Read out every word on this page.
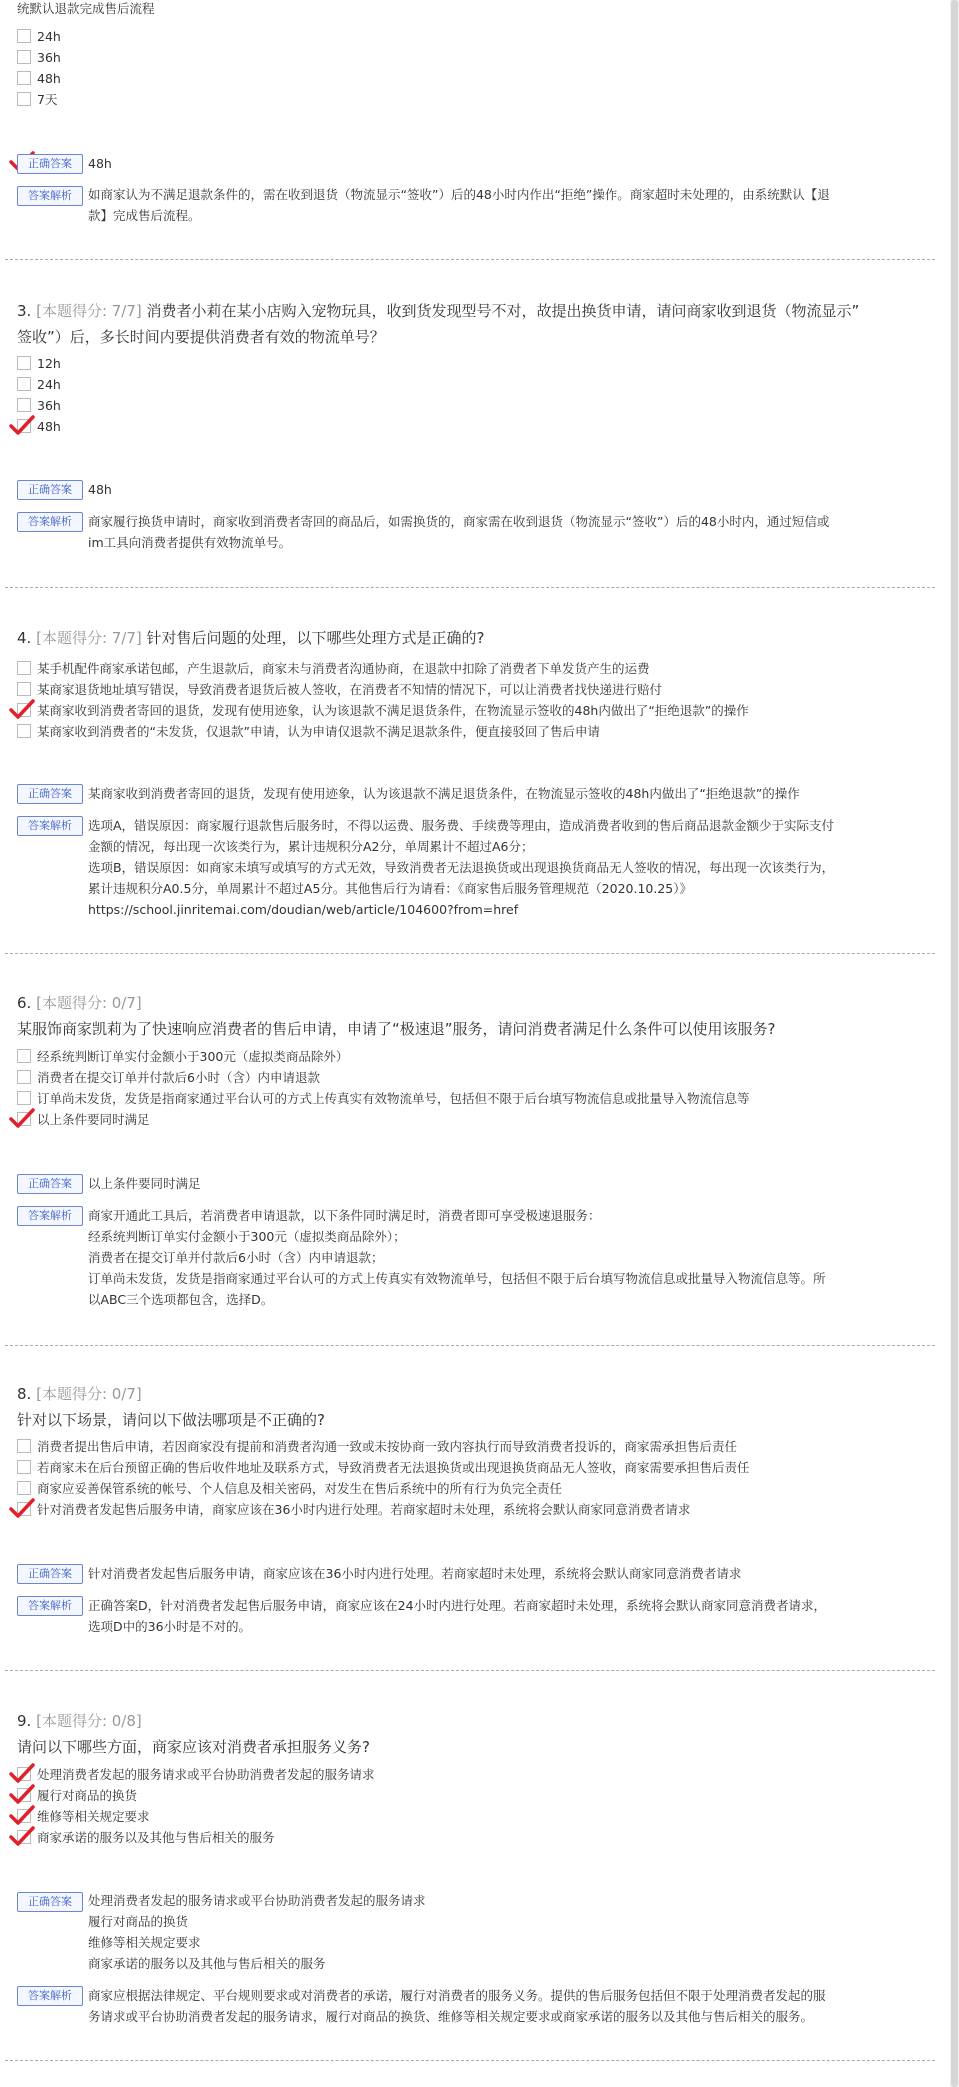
统默认退款完成售后流程
24h
36h
48h
7天
正确答案	48h
答案解析	如商家认为不满足退款条件的，需在收到退货（物流显示“签收”）后的48小时内作出“拒绝”操作。商家超时未处理的，由系统默认【退
款】完成售后流程。
3. [本题得分: 7/7] 消费者小莉在某小店购入宠物玩具，收到货发现型号不对，故提出换货申请，请问商家收到退货（物流显示”
签收”）后，多长时间内要提供消费者有效的物流单号？
12h
24h
36h
48h
正确答案	48h
答案解析	商家履行换货申请时，商家收到消费者寄回的商品后，如需换货的，商家需在收到退货（物流显示“签收”）后的48小时内，通过短信或
im工具向消费者提供有效物流单号。
4. [本题得分: 7/7] 针对售后问题的处理，以下哪些处理方式是正确的?
某手机配件商家承诺包邮，产生退款后，商家未与消费者沟通协商，在退款中扣除了消费者下单发货产生的运费
某商家退货地址填写错误，导致消费者退货后被人签收，在消费者不知情的情况下，可以让消费者找快递进行赔付
某商家收到消费者寄回的退货，发现有使用迹象，认为该退款不满足退货条件，在物流显示签收的48h内做出了“拒绝退款”的操作
某商家收到消费者的“未发货，仅退款”申请，认为申请仅退款不满足退款条件，便直接驳回了售后申请
正确答案	某商家收到消费者寄回的退货，发现有使用迹象，认为该退款不满足退货条件，在物流显示签收的48h内做出了“拒绝退款”的操作
答案解析	选项A，错误原因：商家履行退款售后服务时，不得以运费、服务费、手续费等理由，造成消费者收到的售后商品退款金额少于实际支付
金额的情况，每出现一次该类行为，累计违规积分A2分，单周累计不超过A6分；
选项B，错误原因：如商家未填写或填写的方式无效，导致消费者无法退换货或出现退换货商品无人签收的情况，每出现一次该类行为，
累计违规积分A0.5分，单周累计不超过A5分。其他售后行为请看：《商家售后服务管理规范（2020.10.25）》
https://school.jinritemai.com/doudian/web/article/104600?from=href
6. [本题得分: 0/7]
某服饰商家凯莉为了快速响应消费者的售后申请，申请了“极速退”服务，请问消费者满足什么条件可以使用该服务?
经系统判断订单实付金额小于300元（虚拟类商品除外）
消费者在提交订单并付款后6小时（含）内申请退款
订单尚未发货，发货是指商家通过平台认可的方式上传真实有效物流单号，包括但不限于后台填写物流信息或批量导入物流信息等
以上条件要同时满足
正确答案	以上条件要同时满足
答案解析	商家开通此工具后，若消费者申请退款，以下条件同时满足时，消费者即可享受极速退服务：
经系统判断订单实付金额小于300元（虚拟类商品除外）；
消费者在提交订单并付款后6小时（含）内申请退款；
订单尚未发货，发货是指商家通过平台认可的方式上传真实有效物流单号，包括但不限于后台填写物流信息或批量导入物流信息等。所
以ABC三个选项都包含，选择D。
8. [本题得分: 0/7]
针对以下场景，请问以下做法哪项是不正确的?
消费者提出售后申请，若因商家没有提前和消费者沟通一致或未按协商一致内容执行而导致消费者投诉的，商家需承担售后责任
若商家未在后台预留正确的售后收件地址及联系方式，导致消费者无法退换货或出现退换货商品无人签收，商家需要承担售后责任
商家应妥善保管系统的帐号、个人信息及相关密码，对发生在售后系统中的所有行为负完全责任
针对消费者发起售后服务申请，商家应该在36小时内进行处理。若商家超时未处理，系统将会默认商家同意消费者请求
正确答案	针对消费者发起售后服务申请，商家应该在36小时内进行处理。若商家超时未处理，系统将会默认商家同意消费者请求
答案解析	正确答案D，针对消费者发起售后服务申请，商家应该在24小时内进行处理。若商家超时未处理，系统将会默认商家同意消费者请求，
选项D中的36小时是不对的。
9. [本题得分: 0/8]
请问以下哪些方面，商家应该对消费者承担服务义务?
处理消费者发起的服务请求或平台协助消费者发起的服务请求
履行对商品的换货
维修等相关规定要求
商家承诺的服务以及其他与售后相关的服务
正确答案	处理消费者发起的服务请求或平台协助消费者发起的服务请求
履行对商品的换货
维修等相关规定要求
商家承诺的服务以及其他与售后相关的服务
答案解析	商家应根据法律规定、平台规则要求或对消费者的承诺，履行对消费者的服务义务。提供的售后服务包括但不限于处理消费者发起的服
务请求或平台协助消费者发起的服务请求，履行对商品的换货、维修等相关规定要求或商家承诺的服务以及其他与售后相关的服务。
